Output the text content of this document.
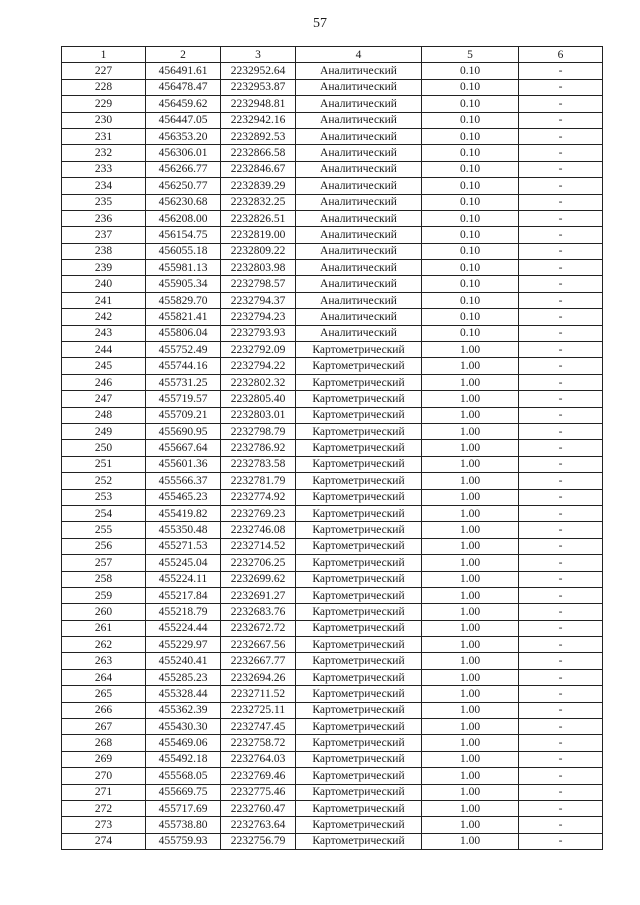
57
1	2	3	4	5	6
227	456491.61	2232952.64	Аналитический	0.10	-
228	456478.47	2232953.87	Аналитический	0.10	-
229	456459.62	2232948.81	Аналитический	0.10	-
230	456447.05	2232942.16	Аналитический	0.10	-
231	456353.20	2232892.53	Аналитический	0.10	-
232	456306.01	2232866.58	Аналитический	0.10	-
233	456266.77	2232846.67	Аналитический	0.10	-
234	456250.77	2232839.29	Аналитический	0.10	-
235	456230.68	2232832.25	Аналитический	0.10	-
236	456208.00	2232826.51	Аналитический	0.10	-
237	456154.75	2232819.00	Аналитический	0.10	-
238	456055.18	2232809.22	Аналитический	0.10	-
239	455981.13	2232803.98	Аналитический	0.10	-
240	455905.34	2232798.57	Аналитический	0.10	-
241	455829.70	2232794.37	Аналитический	0.10	-
242	455821.41	2232794.23	Аналитический	0.10	-
243	455806.04	2232793.93	Аналитический	0.10	-
244	455752.49	2232792.09	Картометрический	1.00	-
245	455744.16	2232794.22	Картометрический	1.00	-
246	455731.25	2232802.32	Картометрический	1.00	-
247	455719.57	2232805.40	Картометрический	1.00	-
248	455709.21	2232803.01	Картометрический	1.00	-
249	455690.95	2232798.79	Картометрический	1.00	-
250	455667.64	2232786.92	Картометрический	1.00	-
251	455601.36	2232783.58	Картометрический	1.00	-
252	455566.37	2232781.79	Картометрический	1.00	-
253	455465.23	2232774.92	Картометрический	1.00	-
254	455419.82	2232769.23	Картометрический	1.00	-
255	455350.48	2232746.08	Картометрический	1.00	-
256	455271.53	2232714.52	Картометрический	1.00	-
257	455245.04	2232706.25	Картометрический	1.00	-
258	455224.11	2232699.62	Картометрический	1.00	-
259	455217.84	2232691.27	Картометрический	1.00	-
260	455218.79	2232683.76	Картометрический	1.00	-
261	455224.44	2232672.72	Картометрический	1.00	-
262	455229.97	2232667.56	Картометрический	1.00	-
263	455240.41	2232667.77	Картометрический	1.00	-
264	455285.23	2232694.26	Картометрический	1.00	-
265	455328.44	2232711.52	Картометрический	1.00	-
266	455362.39	2232725.11	Картометрический	1.00	-
267	455430.30	2232747.45	Картометрический	1.00	-
268	455469.06	2232758.72	Картометрический	1.00	-
269	455492.18	2232764.03	Картометрический	1.00	-
270	455568.05	2232769.46	Картометрический	1.00	-
271	455669.75	2232775.46	Картометрический	1.00	-
272	455717.69	2232760.47	Картометрический	1.00	-
273	455738.80	2232763.64	Картометрический	1.00	-
274	455759.93	2232756.79	Картометрический	1.00	-
